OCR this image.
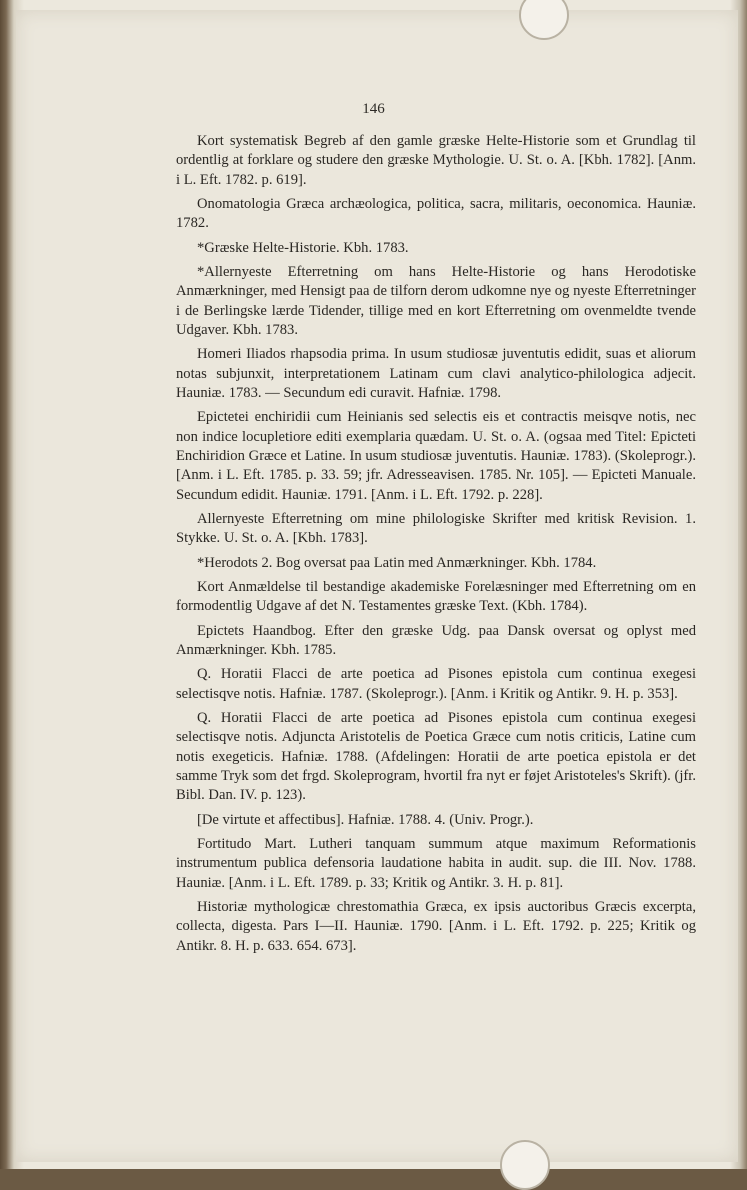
146

Kort systematisk Begreb af den gamle græske Helte-Historie som et Grundlag til ordentlig at forklare og studere den græske Mythologie. U. St. o. A. [Kbh. 1782]. [Anm. i L. Eft. 1782. p. 619].

Onomatologia Græca archæologica, politica, sacra, militaris, oeconomica. Hauniæ. 1782.

*Græske Helte-Historie. Kbh. 1783.

*Allernyeste Efterretning om hans Helte-Historie og hans Herodotiske Anmærkninger, med Hensigt paa de tilforn derom udkomne nye og nyeste Efterretninger i de Berlingske lærde Tidender, tillige med en kort Efterretning om ovenmeldte tvende Udgaver. Kbh. 1783.

Homeri Iliados rhapsodia prima. In usum studiosæ juventutis edidit, suas et aliorum notas subjunxit, interpretationem Latinam cum clavi analytico-philologica adjecit. Hauniæ. 1783. — Secundum edi curavit. Hafniæ. 1798.

Epictetei enchiridii cum Heinianis sed selectis eis et contractis meisqve notis, nec non indice locupletiore editi exemplaria quædam. U. St. o. A. (ogsaa med Titel: Epicteti Enchiridion Græce et Latine. In usum studiosæ juventutis. Hauniæ. 1783). (Skoleprogr.). [Anm. i L. Eft. 1785. p. 33. 59; jfr. Adresseavisen. 1785. Nr. 105]. — Epicteti Manuale. Secundum edidit. Hauniæ. 1791. [Anm. i L. Eft. 1792. p. 228].

Allernyeste Efterretning om mine philologiske Skrifter med kritisk Revision. 1. Stykke. U. St. o. A. [Kbh. 1783].

*Herodots 2. Bog oversat paa Latin med Anmærkninger. Kbh. 1784.

Kort Anmældelse til bestandige akademiske Forelæsninger med Efterretning om en formodentlig Udgave af det N. Testamentes græske Text. (Kbh. 1784).

Epictets Haandbog. Efter den græske Udg. paa Dansk oversat og oplyst med Anmærkninger. Kbh. 1785.

Q. Horatii Flacci de arte poetica ad Pisones epistola cum continua exegesi selectisqve notis. Hafniæ. 1787. (Skoleprogr.). [Anm. i Kritik og Antikr. 9. H. p. 353].

Q. Horatii Flacci de arte poetica ad Pisones epistola cum continua exegesi selectisqve notis. Adjuncta Aristotelis de Poetica Græce cum notis criticis, Latine cum notis exegeticis. Hafniæ. 1788. (Afdelingen: Horatii de arte poetica epistola er det samme Tryk som det frgd. Skoleprogram, hvortil fra nyt er føjet Aristoteles's Skrift). (jfr. Bibl. Dan. IV. p. 123).

[De virtute et affectibus]. Hafniæ. 1788. 4. (Univ. Progr.).

Fortitudo Mart. Lutheri tanquam summum atque maximum Reformationis instrumentum publica defensoria laudatione habita in audit. sup. die III. Nov. 1788. Hauniæ. [Anm. i L. Eft. 1789. p. 33; Kritik og Antikr. 3. H. p. 81].

Historiæ mythologicæ chrestomathia Græca, ex ipsis auctoribus Græcis excerpta, collecta, digesta. Pars I—II. Hauniæ. 1790. [Anm. i L. Eft. 1792. p. 225; Kritik og Antikr. 8. H. p. 633. 654. 673].
